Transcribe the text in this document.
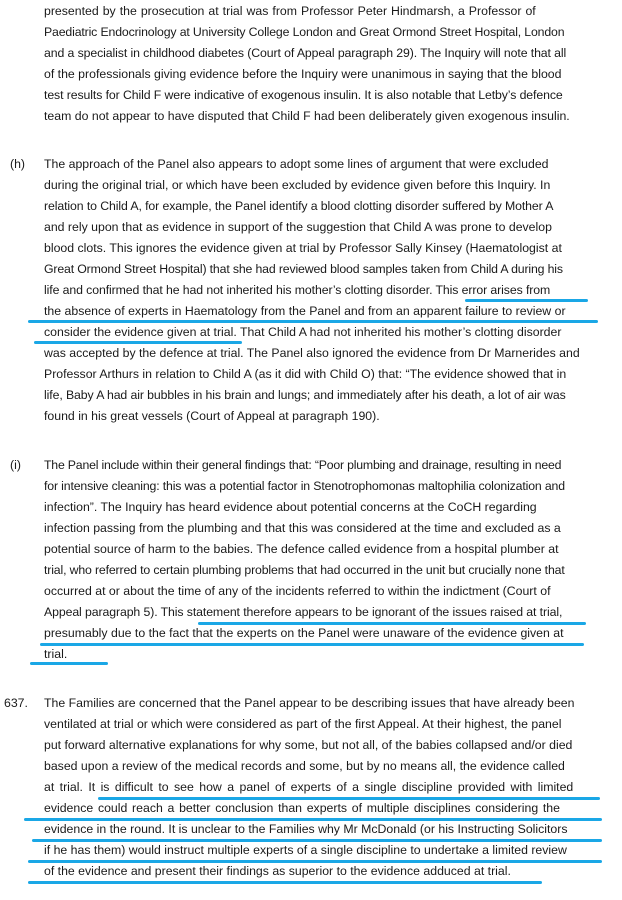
presented by the prosecution at trial was from Professor Peter Hindmarsh, a Professor of
Paediatric Endocrinology at University College London and Great Ormond Street Hospital, London
and a specialist in childhood diabetes (Court of Appeal paragraph 29). The Inquiry will note that all
of the professionals giving evidence before the Inquiry were unanimous in saying that the blood
test results for Child F were indicative of exogenous insulin. It is also notable that Letby’s defence
team do not appear to have disputed that Child F had been deliberately given exogenous insulin.
(h) The approach of the Panel also appears to adopt some lines of argument that were excluded
during the original trial, or which have been excluded by evidence given before this Inquiry. In
relation to Child A, for example, the Panel identify a blood clotting disorder suffered by Mother A
and rely upon that as evidence in support of the suggestion that Child A was prone to develop
blood clots. This ignores the evidence given at trial by Professor Sally Kinsey (Haematologist at
Great Ormond Street Hospital) that she had reviewed blood samples taken from Child A during his
life and confirmed that he had not inherited his mother’s clotting disorder. This error arises from
the absence of experts in Haematology from the Panel and from an apparent failure to review or
consider the evidence given at trial. That Child A had not inherited his mother’s clotting disorder
was accepted by the defence at trial. The Panel also ignored the evidence from Dr Marnerides and
Professor Arthurs in relation to Child A (as it did with Child O) that: “The evidence showed that in
life, Baby A had air bubbles in his brain and lungs; and immediately after his death, a lot of air was
found in his great vessels (Court of Appeal at paragraph 190).
(i) The Panel include within their general findings that: “Poor plumbing and drainage, resulting in need
for intensive cleaning: this was a potential factor in Stenotrophomonas maltophilia colonization and
infection”. The Inquiry has heard evidence about potential concerns at the CoCH regarding
infection passing from the plumbing and that this was considered at the time and excluded as a
potential source of harm to the babies. The defence called evidence from a hospital plumber at
trial, who referred to certain plumbing problems that had occurred in the unit but crucially none that
occurred at or about the time of any of the incidents referred to within the indictment (Court of
Appeal paragraph 5). This statement therefore appears to be ignorant of the issues raised at trial,
presumably due to the fact that the experts on the Panel were unaware of the evidence given at
trial.
637. The Families are concerned that the Panel appear to be describing issues that have already been
ventilated at trial or which were considered as part of the first Appeal. At their highest, the panel
put forward alternative explanations for why some, but not all, of the babies collapsed and/or died
based upon a review of the medical records and some, but by no means all, the evidence called
at trial. It is difficult to see how a panel of experts of a single discipline provided with limited
evidence could reach a better conclusion than experts of multiple disciplines considering the
evidence in the round. It is unclear to the Families why Mr McDonald (or his Instructing Solicitors
if he has them) would instruct multiple experts of a single discipline to undertake a limited review
of the evidence and present their findings as superior to the evidence adduced at trial.
